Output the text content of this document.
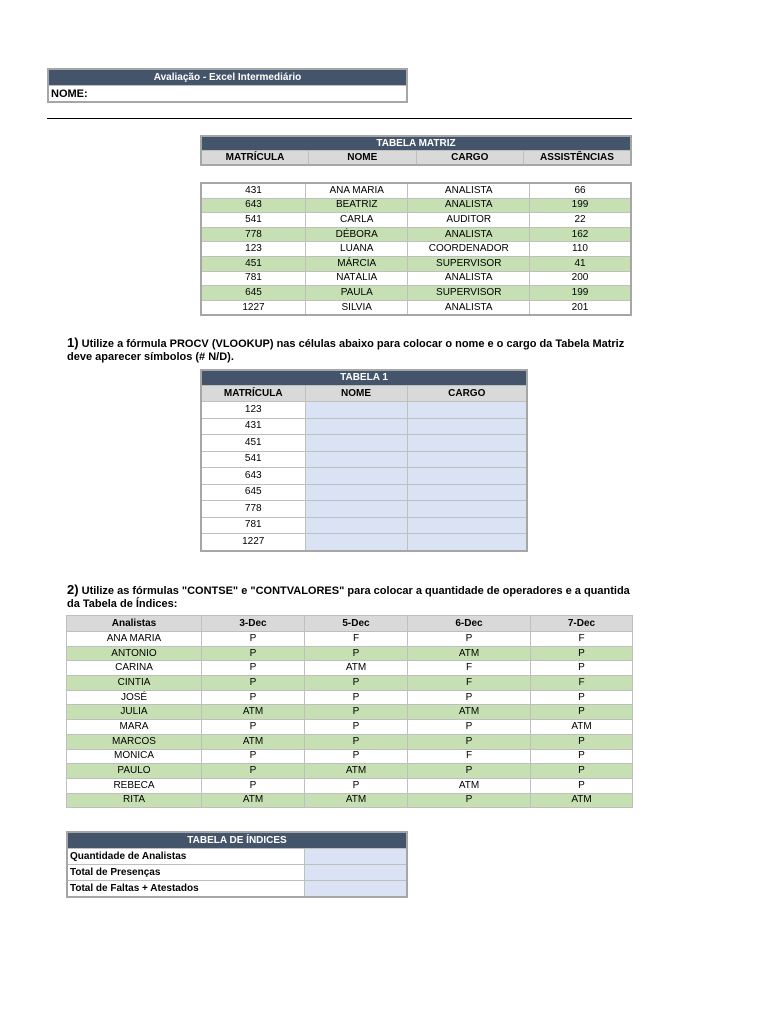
Avaliação - Excel Intermediário
NOME:
TABELA MATRIZ
MATRÍCULA	NOME	CARGO	ASSISTÊNCIAS
431	ANA MARIA	ANALISTA	66
643	BEATRIZ	ANALISTA	199
541	CARLA	AUDITOR	22
778	DÉBORA	ANALISTA	162
123	LUANA	COORDENADOR	110
451	MÁRCIA	SUPERVISOR	41
781	NATÁLIA	ANALISTA	200
645	PAULA	SUPERVISOR	199
1227	SILVIA	ANALISTA	201
1) Utilize a fórmula PROCV (VLOOKUP) nas células abaixo para colocar o nome e o cargo da Tabela Matriz
deve aparecer símbolos (# N/D).
TABELA 1		
MATRÍCULA	NOME	CARGO
123		
431		
451		
541		
643		
645		
778		
781		
1227		
2) Utilize as fórmulas "CONTSE" e "CONTVALORES" para colocar a quantidade de operadores e a quantida
da Tabela de Índices:
Analistas	3-Dec	5-Dec	6-Dec	7-Dec
ANA MARIA	P	F	P	F
ANTONIO	P	P	ATM	P
CARINA	P	ATM	F	P
CINTIA	P	P	F	F
JOSÉ	P	P	P	P
JULIA	ATM	P	ATM	P
MARA	P	P	P	ATM
MARCOS	ATM	P	P	P
MÔNICA	P	P	F	P
PAULO	P	ATM	P	P
REBECA	P	P	ATM	P
RITA	ATM	ATM	P	ATM
TABELA DE ÍNDICES	
Quantidade de Analistas	
Total de Presenças	
Total de Faltas + Atestados	
